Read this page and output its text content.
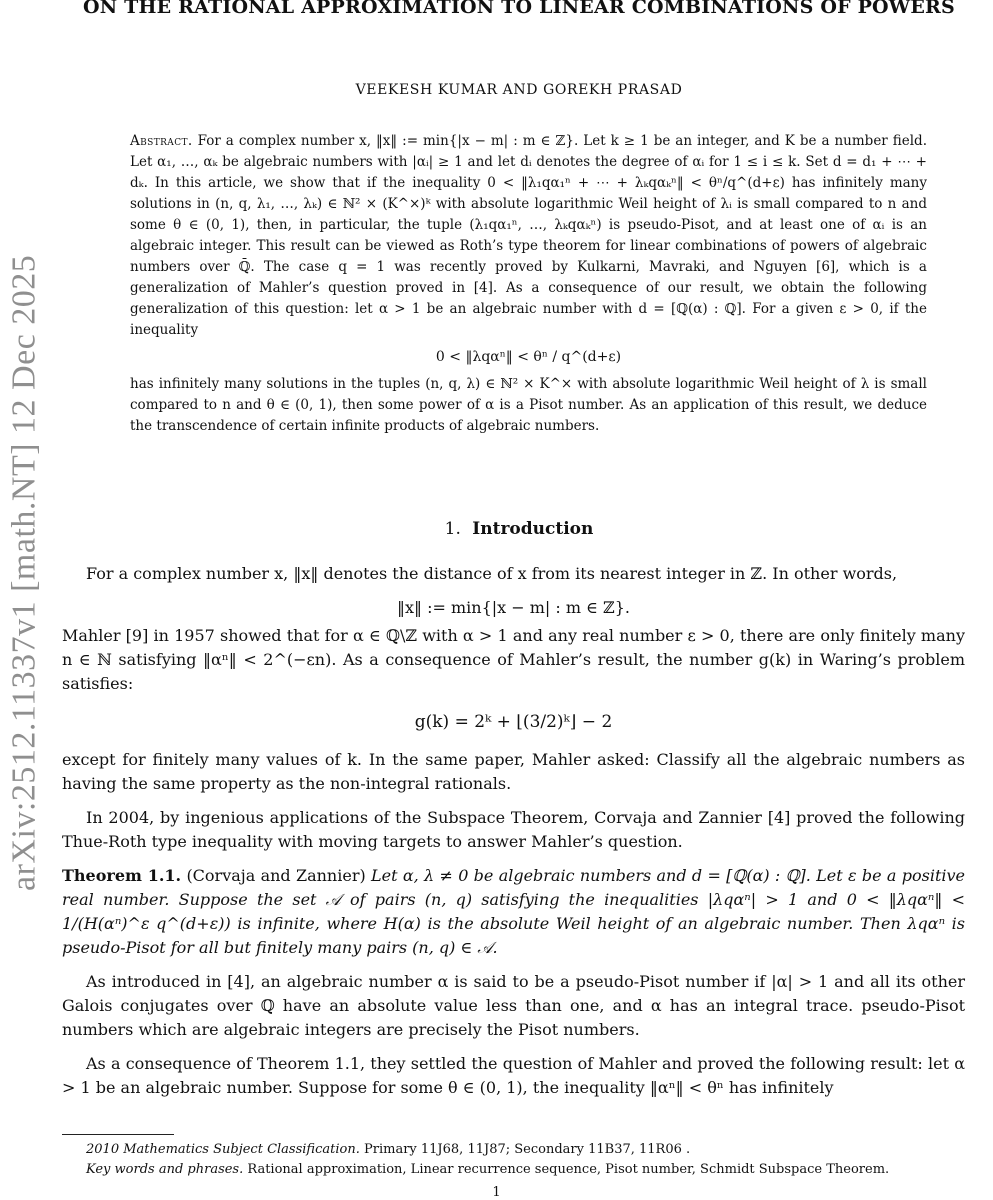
arXiv:2512.11337v1 [math.NT] 12 Dec 2025
ON THE RATIONAL APPROXIMATION TO LINEAR COMBINATIONS OF POWERS
VEEKESH KUMAR AND GOREKH PRASAD
Abstract. For a complex number x, ‖x‖ := min{|x − m| : m ∈ ℤ}. Let k ≥ 1 be an integer, and K be a number field. Let α₁, …, αₖ be algebraic numbers with |αᵢ| ≥ 1 and let dᵢ denotes the degree of αᵢ for 1 ≤ i ≤ k. Set d = d₁ + ⋯ + dₖ. In this article, we show that if the inequality 0 < ‖λ₁qα₁ⁿ + ⋯ + λₖqαₖⁿ‖ < θⁿ/q^(d+ε) has infinitely many solutions in (n, q, λ₁, …, λₖ) ∈ ℕ² × (K^×)ᵏ with absolute logarithmic Weil height of λᵢ is small compared to n and some θ ∈ (0, 1), then, in particular, the tuple (λ₁qα₁ⁿ, …, λₖqαₖⁿ) is pseudo-Pisot, and at least one of αᵢ is an algebraic integer. This result can be viewed as Roth’s type theorem for linear combinations of powers of algebraic numbers over ℚ̄. The case q = 1 was recently proved by Kulkarni, Mavraki, and Nguyen [6], which is a generalization of Mahler’s question proved in [4]. As a consequence of our result, we obtain the following generalization of this question: let α > 1 be an algebraic number with d = [ℚ(α) : ℚ]. For a given ε > 0, if the inequality
0 < ‖λqαⁿ‖ < θⁿ / q^(d+ε)
has infinitely many solutions in the tuples (n, q, λ) ∈ ℕ² × K^× with absolute logarithmic Weil height of λ is small compared to n and θ ∈ (0, 1), then some power of α is a Pisot number. As an application of this result, we deduce the transcendence of certain infinite products of algebraic numbers.
1. Introduction

For a complex number x, ‖x‖ denotes the distance of x from its nearest integer in ℤ. In other words,

‖x‖ := min{|x − m| : m ∈ ℤ}.

Mahler [9] in 1957 showed that for α ∈ ℚ\ℤ with α > 1 and any real number ε > 0, there are only finitely many n ∈ ℕ satisfying ‖αⁿ‖ < 2^(−εn). As a consequence of Mahler’s result, the number g(k) in Waring’s problem satisfies:

g(k) = 2ᵏ + ⌊(3/2)ᵏ⌋ − 2

except for finitely many values of k. In the same paper, Mahler asked: Classify all the algebraic numbers as having the same property as the non-integral rationals.

In 2004, by ingenious applications of the Subspace Theorem, Corvaja and Zannier [4] proved the following Thue-Roth type inequality with moving targets to answer Mahler’s question.

Theorem 1.1. (Corvaja and Zannier) Let α, λ ≠ 0 be algebraic numbers and d = [ℚ(α) : ℚ]. Let ε be a positive real number. Suppose the set 𝒜 of pairs (n, q) satisfying the inequalities |λqαⁿ| > 1 and 0 < ‖λqαⁿ‖ < 1/(H(αⁿ)^ε q^(d+ε)) is infinite, where H(α) is the absolute Weil height of an algebraic number. Then λqαⁿ is pseudo-Pisot for all but finitely many pairs (n, q) ∈ 𝒜.

As introduced in [4], an algebraic number α is said to be a pseudo-Pisot number if |α| > 1 and all its other Galois conjugates over ℚ have an absolute value less than one, and α has an integral trace. pseudo-Pisot numbers which are algebraic integers are precisely the Pisot numbers.

As a consequence of Theorem 1.1, they settled the question of Mahler and proved the following result: let α > 1 be an algebraic number. Suppose for some θ ∈ (0, 1), the inequality ‖αⁿ‖ < θⁿ has infinitely

2010 Mathematics Subject Classification. Primary 11J68, 11J87; Secondary 11B37, 11R06 .
Key words and phrases. Rational approximation, Linear recurrence sequence, Pisot number, Schmidt Subspace Theorem.
1
